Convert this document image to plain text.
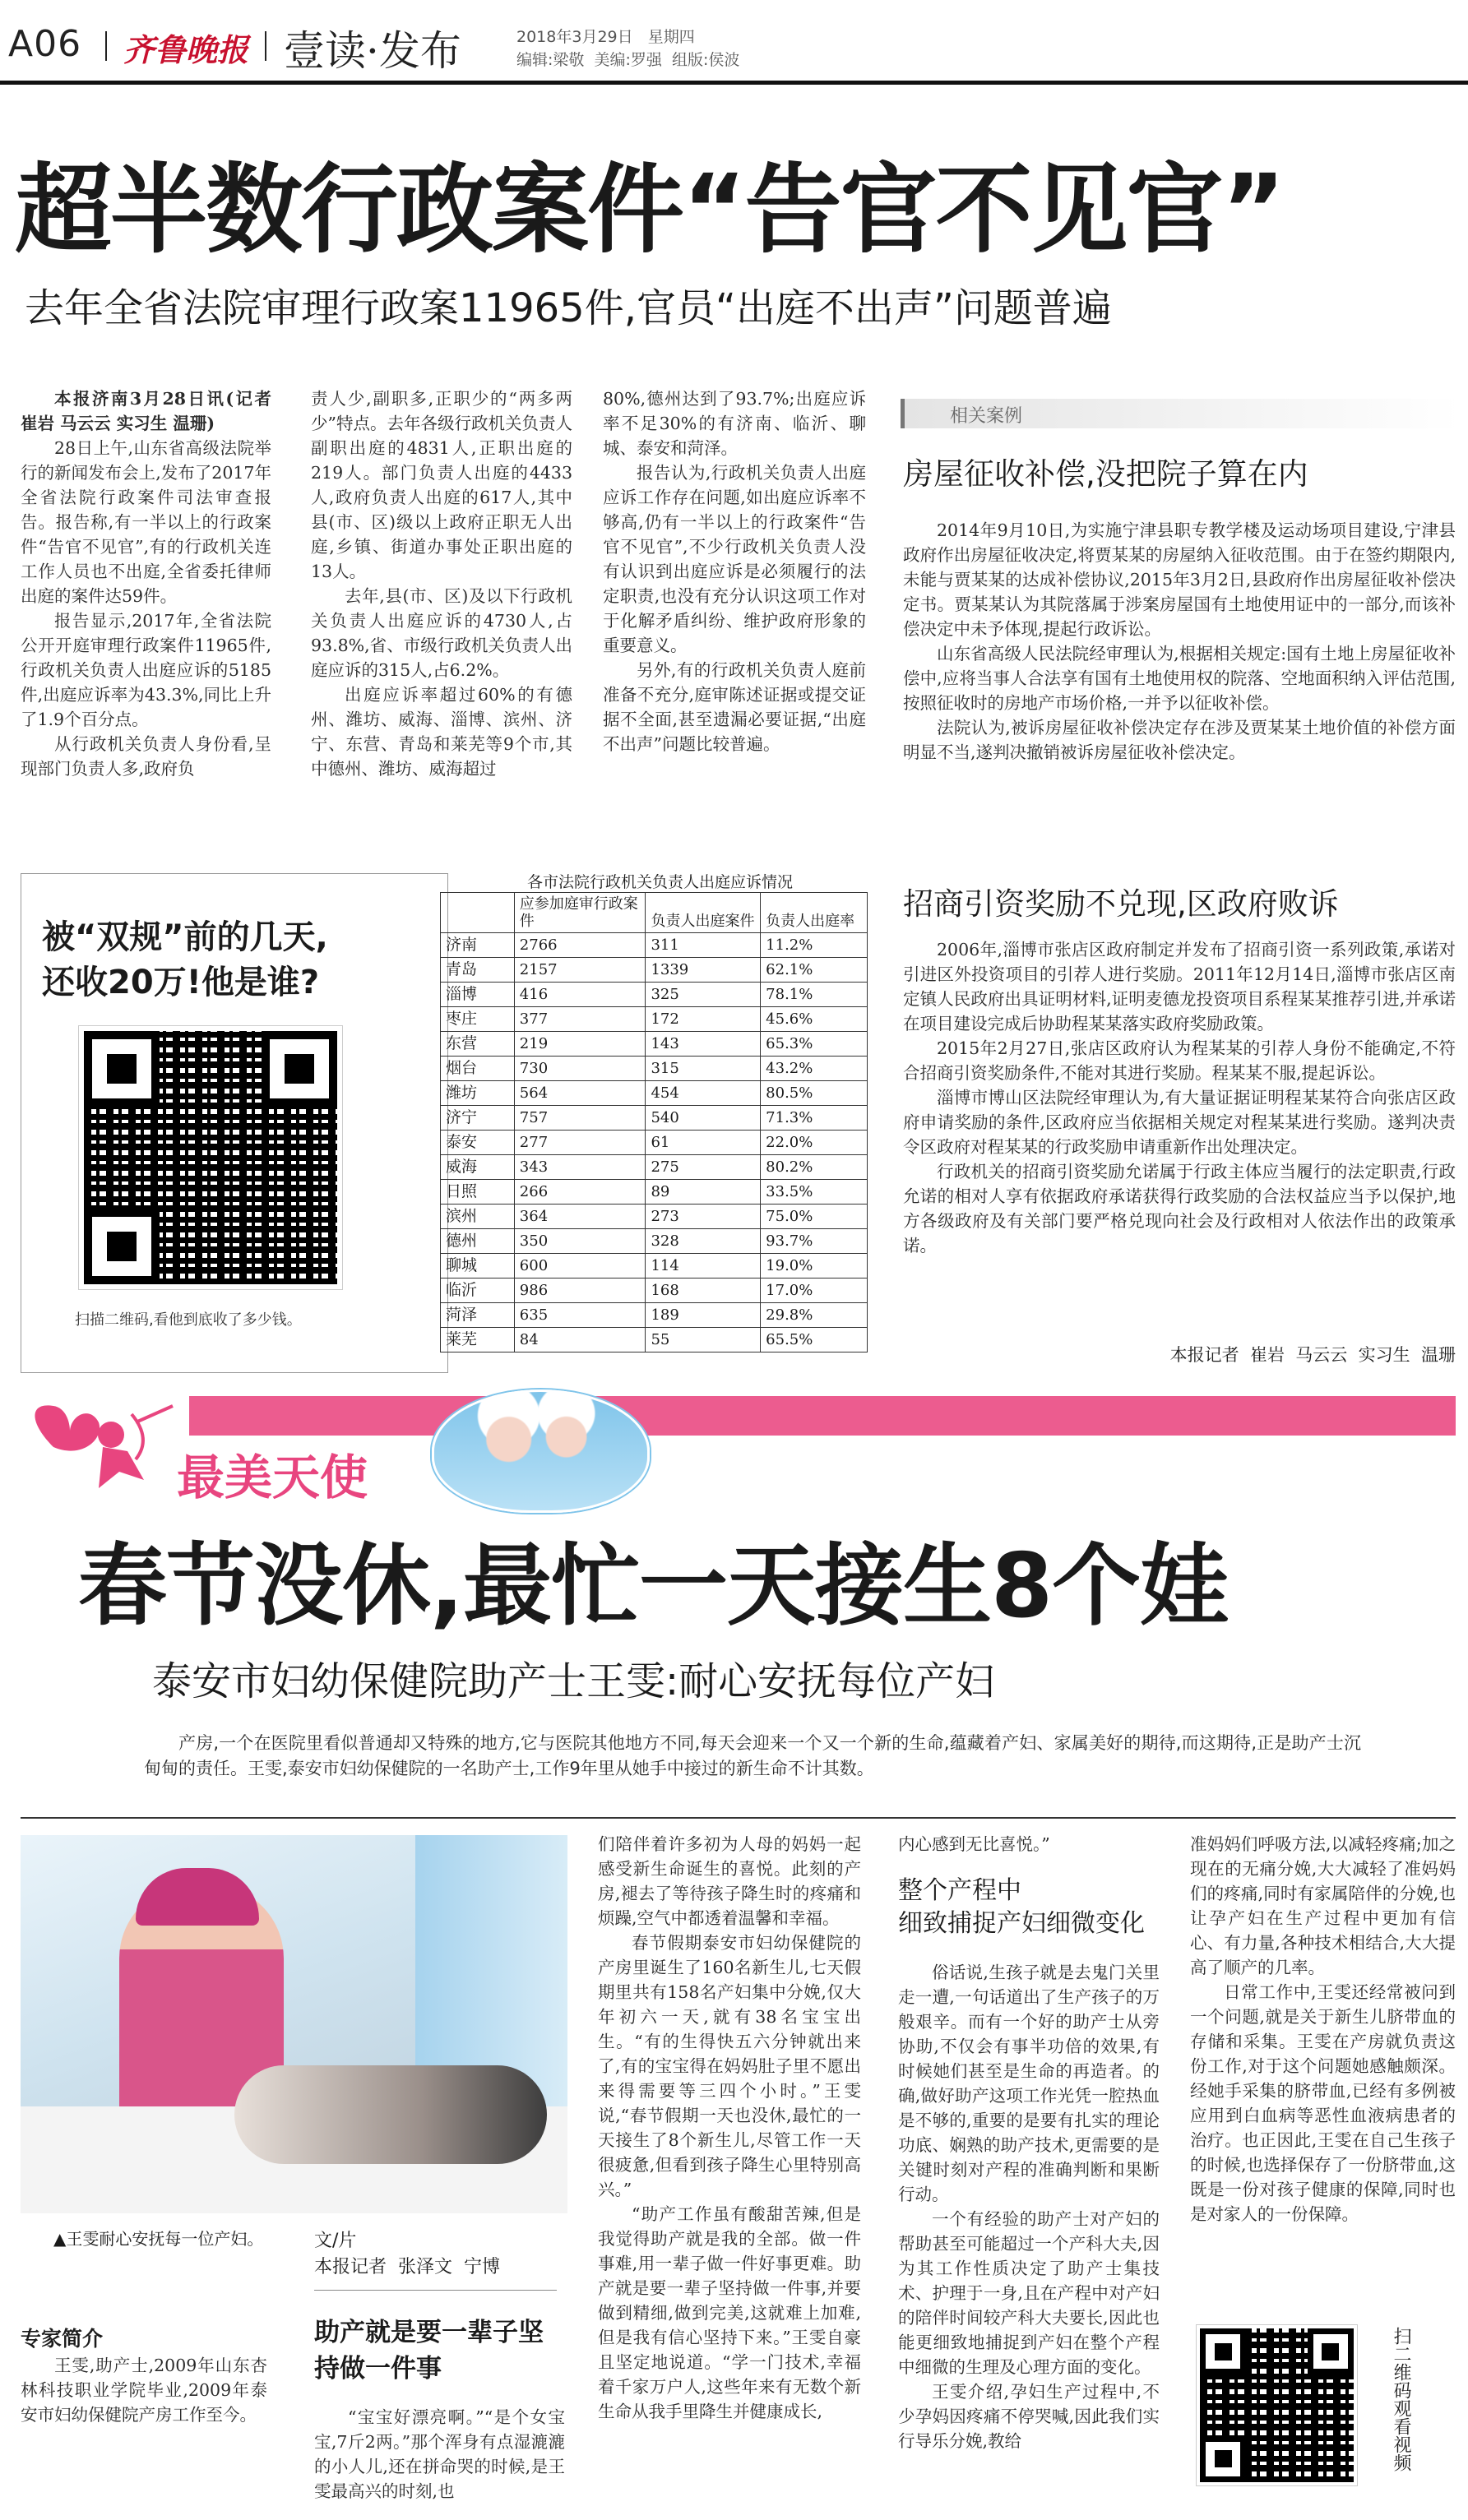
A06 齐鲁晚报 壹读·发布	2018年3月29日 星期四
编辑:梁敬  美编:罗强  组版:侯波
超半数行政案件“告官不见官”
去年全省法院审理行政案11965件,官员“出庭不出声”问题普遍

本报济南3月28日讯(记者 崔岩 马云云 实习生 温珊)

28日上午,山东省高级法院举行的新闻发布会上,发布了2017年全省法院行政案件司法审查报告。报告称,有一半以上的行政案件“告官不见官”,有的行政机关连工作人员也不出庭,全省委托律师出庭的案件达59件。

报告显示,2017年,全省法院公开开庭审理行政案件11965件,行政机关负责人出庭应诉的5185件,出庭应诉率为43.3%,同比上升了1.9个百分点。

从行政机关负责人身份看,呈现部门负责人多,政府负

责人少,副职多,正职少的“两多两少”特点。去年各级行政机关负责人副职出庭的4831人,正职出庭的219人。部门负责人出庭的4433人,政府负责人出庭的617人,其中县(市、区)级以上政府正职无人出庭,乡镇、街道办事处正职出庭的13人。

去年,县(市、区)及以下行政机关负责人出庭应诉的4730人,占93.8%,省、市级行政机关负责人出庭应诉的315人,占6.2%。

出庭应诉率超过60%的有德州、潍坊、威海、淄博、滨州、济宁、东营、青岛和莱芜等9个市,其中德州、潍坊、威海超过

80%,德州达到了93.7%;出庭应诉率不足30%的有济南、临沂、聊城、泰安和菏泽。

报告认为,行政机关负责人出庭应诉工作存在问题,如出庭应诉率不够高,仍有一半以上的行政案件“告官不见官”,不少行政机关负责人没有认识到出庭应诉是必须履行的法定职责,也没有充分认识这项工作对于化解矛盾纠纷、维护政府形象的重要意义。

另外,有的行政机关负责人庭前准备不充分,庭审陈述证据或提交证据不全面,甚至遗漏必要证据,“出庭不出声”问题比较普遍。

相关案例
房屋征收补偿,没把院子算在内

2014年9月10日,为实施宁津县职专教学楼及运动场项目建设,宁津县政府作出房屋征收决定,将贾某某的房屋纳入征收范围。由于在签约期限内,未能与贾某某的达成补偿协议,2015年3月2日,县政府作出房屋征收补偿决定书。贾某某认为其院落属于涉案房屋国有土地使用证中的一部分,而该补偿决定中未予体现,提起行政诉讼。

山东省高级人民法院经审理认为,根据相关规定:国有土地上房屋征收补偿中,应将当事人合法享有国有土地使用权的院落、空地面积纳入评估范围,按照征收时的房地产市场价格,一并予以征收补偿。

法院认为,被诉房屋征收补偿决定存在涉及贾某某土地价值的补偿方面明显不当,遂判决撤销被诉房屋征收补偿决定。

招商引资奖励不兑现,区政府败诉

2006年,淄博市张店区政府制定并发布了招商引资一系列政策,承诺对引进区外投资项目的引荐人进行奖励。2011年12月14日,淄博市张店区南定镇人民政府出具证明材料,证明麦德龙投资项目系程某某推荐引进,并承诺在项目建设完成后协助程某某落实政府奖励政策。

2015年2月27日,张店区政府认为程某某的引荐人身份不能确定,不符合招商引资奖励条件,不能对其进行奖励。程某某不服,提起诉讼。

淄博市博山区法院经审理认为,有大量证据证明程某某符合向张店区政府申请奖励的条件,区政府应当依据相关规定对程某某进行奖励。遂判决责令区政府对程某某的行政奖励申请重新作出处理决定。

行政机关的招商引资奖励允诺属于行政主体应当履行的法定职责,行政允诺的相对人享有依据政府承诺获得行政奖励的合法权益应当予以保护,地方各级政府及有关部门要严格兑现向社会及行政相对人依法作出的政策承诺。

本报记者  崔岩  马云云  实习生  温珊
被“双规”前的几天,
还收20万!他是谁?
扫描二维码,看他到底收了多少钱。
各市法院行政机关负责人出庭应诉情况
	应参加庭审行政案件	负责人出庭案件	负责人出庭率
济南	2766	311	11.2%
青岛	2157	1339	62.1%
淄博	416	325	78.1%
枣庄	377	172	45.6%
东营	219	143	65.3%
烟台	730	315	43.2%
潍坊	564	454	80.5%
济宁	757	540	71.3%
泰安	277	61	22.0%
威海	343	275	80.2%
日照	266	89	33.5%
滨州	364	273	75.0%
德州	350	328	93.7%
聊城	600	114	19.0%
临沂	986	168	17.0%
菏泽	635	189	29.8%
莱芜	84	55	65.5%
最美天使
春节没休,最忙一天接生8个娃
泰安市妇幼保健院助产士王雯:耐心安抚每位产妇

产房,一个在医院里看似普通却又特殊的地方,它与医院其他地方不同,每天会迎来一个又一个新的生命,蕴藏着产妇、家属美好的期待,而这期待,正是助产士沉甸甸的责任。王雯,泰安市妇幼保健院的一名助产士,工作9年里从她手中接过的新生命不计其数。

▲王雯耐心安抚每一位产妇。
专家简介

王雯,助产士,2009年山东杏林科技职业学院毕业,2009年泰安市妇幼保健院产房工作至今。

文/片
本报记者  张泽文  宁博
助产就是要一辈子坚持做一件事

“宝宝好漂亮啊。”“是个女宝宝,7斤2两。”那个浑身有点湿漉漉的小人儿,还在拼命哭的时候,是王雯最高兴的时刻,也

们陪伴着许多初为人母的妈妈一起感受新生命诞生的喜悦。此刻的产房,褪去了等待孩子降生时的疼痛和烦躁,空气中都透着温馨和幸福。

春节假期泰安市妇幼保健院的产房里诞生了160名新生儿,七天假期里共有158名产妇集中分娩,仅大年初六一天,就有38名宝宝出生。“有的生得快五六分钟就出来了,有的宝宝得在妈妈肚子里不愿出来得需要等三四个小时。”王雯说,“春节假期一天也没休,最忙的一天接生了8个新生儿,尽管工作一天很疲惫,但看到孩子降生心里特别高兴。”

“助产工作虽有酸甜苦辣,但是我觉得助产就是我的全部。做一件事难,用一辈子做一件好事更难。助产就是要一辈子坚持做一件事,并要做到精细,做到完美,这就难上加难,但是我有信心坚持下来。”王雯自豪且坚定地说道。“学一门技术,幸福着千家万户人,这些年来有无数个新生命从我手里降生并健康成长,

内心感到无比喜悦。”

整个产程中
细致捕捉产妇细微变化

俗话说,生孩子就是去鬼门关里走一遭,一句话道出了生产孩子的万般艰辛。而有一个好的助产士从旁协助,不仅会有事半功倍的效果,有时候她们甚至是生命的再造者。的确,做好助产这项工作光凭一腔热血是不够的,重要的是要有扎实的理论功底、娴熟的助产技术,更需要的是关键时刻对产程的准确判断和果断行动。

一个有经验的助产士对产妇的帮助甚至可能超过一个产科大夫,因为其工作性质决定了助产士集技术、护理于一身,且在产程中对产妇的陪伴时间较产科大夫要长,因此也能更细致地捕捉到产妇在整个产程中细微的生理及心理方面的变化。

王雯介绍,孕妇生产过程中,不少孕妈因疼痛不停哭喊,因此我们实行导乐分娩,教给

准妈妈们呼吸方法,以减轻疼痛;加之现在的无痛分娩,大大减轻了准妈妈们的疼痛,同时有家属陪伴的分娩,也让孕产妇在生产过程中更加有信心、有力量,各种技术相结合,大大提高了顺产的几率。

日常工作中,王雯还经常被问到一个问题,就是关于新生儿脐带血的存储和采集。王雯在产房就负责这份工作,对于这个问题她感触颇深。经她手采集的脐带血,已经有多例被应用到白血病等恶性血液病患者的治疗。也正因此,王雯在自己生孩子的时候,也选择保存了一份脐带血,这既是一份对孩子健康的保障,同时也是对家人的一份保障。

扫二维码观看视频
